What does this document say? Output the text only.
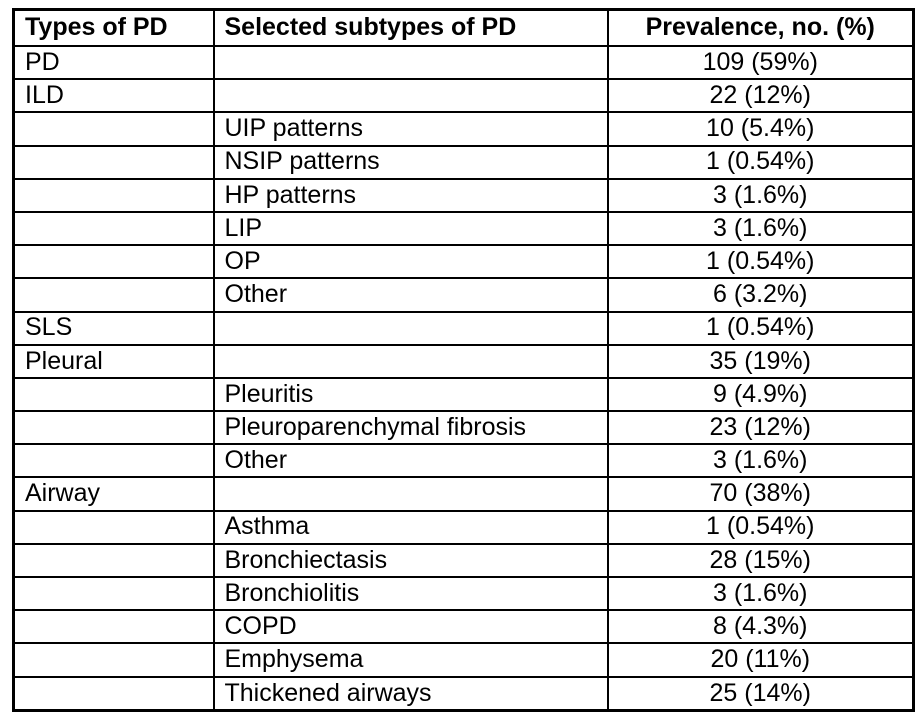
Types of PD	Selected subtypes of PD	Prevalence, no. (%)
PD		109 (59%)
ILD		22 (12%)
	UIP patterns	10 (5.4%)
	NSIP patterns	1 (0.54%)
	HP patterns	3 (1.6%)
	LIP	3 (1.6%)
	OP	1 (0.54%)
	Other	6 (3.2%)
SLS		1 (0.54%)
Pleural		35 (19%)
	Pleuritis	9 (4.9%)
	Pleuroparenchymal fibrosis	23 (12%)
	Other	3 (1.6%)
Airway		70 (38%)
	Asthma	1 (0.54%)
	Bronchiectasis	28 (15%)
	Bronchiolitis	3 (1.6%)
	COPD	8 (4.3%)
	Emphysema	20 (11%)
	Thickened airways	25 (14%)
